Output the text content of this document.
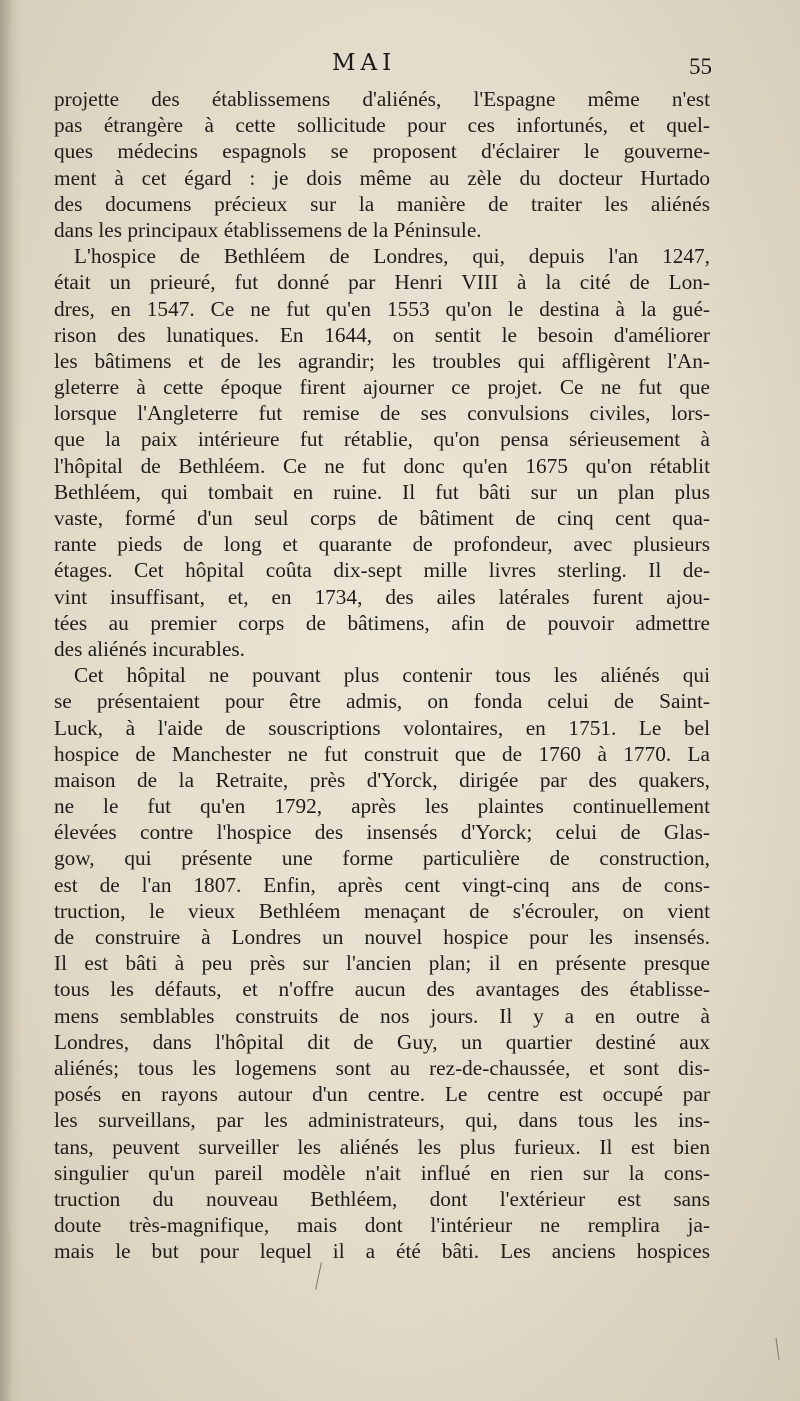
MAI	55
projette des établissemens d'aliénés, l'Espagne même n'est
pas étrangère à cette sollicitude pour ces infortunés, et quel-
ques médecins espagnols se proposent d'éclairer le gouverne-
ment à cet égard : je dois même au zèle du docteur Hurtado
des documens précieux sur la manière de traiter les aliénés
dans les principaux établissemens de la Péninsule.
L'hospice de Bethléem de Londres, qui, depuis l'an 1247,
était un prieuré, fut donné par Henri VIII à la cité de Lon-
dres, en 1547. Ce ne fut qu'en 1553 qu'on le destina à la gué-
rison des lunatiques. En 1644, on sentit le besoin d'améliorer
les bâtimens et de les agrandir; les troubles qui affligèrent l'An-
gleterre à cette époque firent ajourner ce projet. Ce ne fut que
lorsque l'Angleterre fut remise de ses convulsions civiles, lors-
que la paix intérieure fut rétablie, qu'on pensa sérieusement à
l'hôpital de Bethléem. Ce ne fut donc qu'en 1675 qu'on rétablit
Bethléem, qui tombait en ruine. Il fut bâti sur un plan plus
vaste, formé d'un seul corps de bâtiment de cinq cent qua-
rante pieds de long et quarante de profondeur, avec plusieurs
étages. Cet hôpital coûta dix-sept mille livres sterling. Il de-
vint insuffisant, et, en 1734, des ailes latérales furent ajou-
tées au premier corps de bâtimens, afin de pouvoir admettre
des aliénés incurables.
Cet hôpital ne pouvant plus contenir tous les aliénés qui
se présentaient pour être admis, on fonda celui de Saint-
Luck, à l'aide de souscriptions volontaires, en 1751. Le bel
hospice de Manchester ne fut construit que de 1760 à 1770. La
maison de la Retraite, près d'Yorck, dirigée par des quakers,
ne le fut qu'en 1792, après les plaintes continuellement
élevées contre l'hospice des insensés d'Yorck; celui de Glas-
gow, qui présente une forme particulière de construction,
est de l'an 1807. Enfin, après cent vingt-cinq ans de cons-
truction, le vieux Bethléem menaçant de s'écrouler, on vient
de construire à Londres un nouvel hospice pour les insensés.
Il est bâti à peu près sur l'ancien plan; il en présente presque
tous les défauts, et n'offre aucun des avantages des établisse-
mens semblables construits de nos jours. Il y a en outre à
Londres, dans l'hôpital dit de Guy, un quartier destiné aux
aliénés; tous les logemens sont au rez-de-chaussée, et sont dis-
posés en rayons autour d'un centre. Le centre est occupé par
les surveillans, par les administrateurs, qui, dans tous les ins-
tans, peuvent surveiller les aliénés les plus furieux. Il est bien
singulier qu'un pareil modèle n'ait influé en rien sur la cons-
truction du nouveau Bethléem, dont l'extérieur est sans
doute très-magnifique, mais dont l'intérieur ne remplira ja-
mais le but pour lequel il a été bâti. Les anciens hospices
